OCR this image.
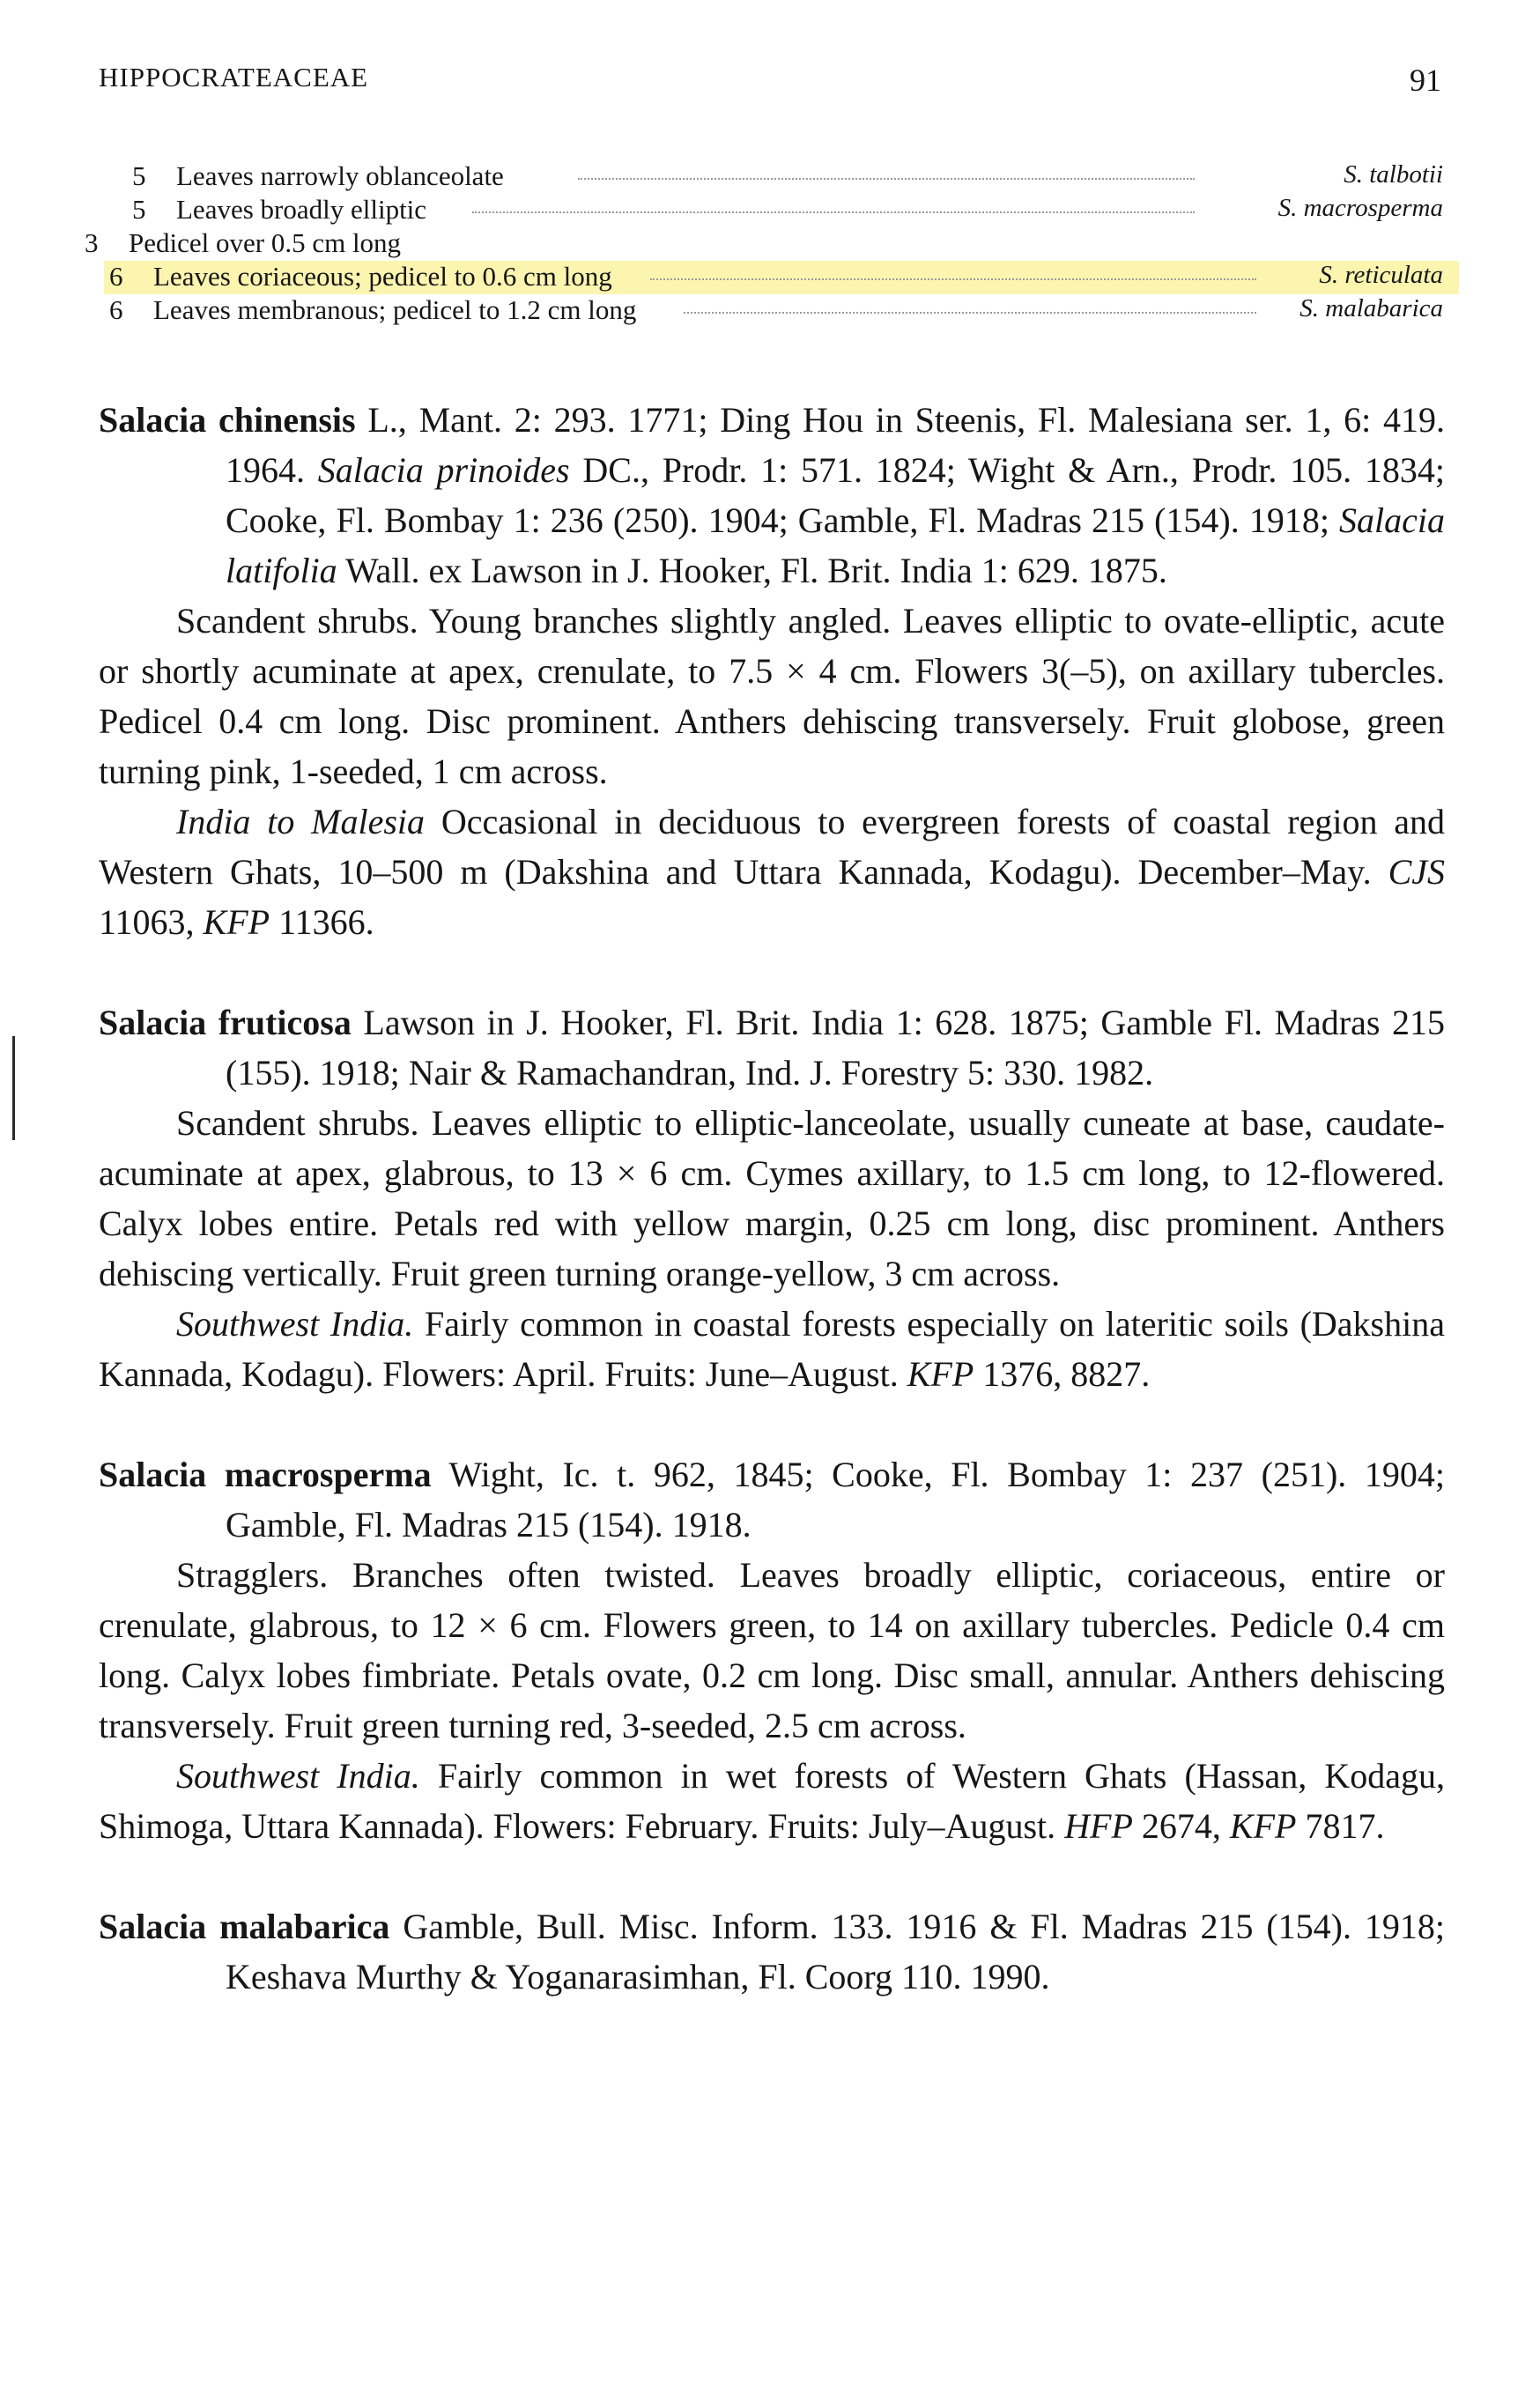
HIPPOCRATEACEAE	91
5 Leaves narrowly oblanceolate	S. talbotii
5 Leaves broadly elliptic	S. macrosperma
3 Pedicel over 0.5 cm long
6 Leaves coriaceous; pedicel to 0.6 cm long	S. reticulata
6 Leaves membranous; pedicel to 1.2 cm long	S. malabarica

Salacia chinensis L., Mant. 2: 293. 1771; Ding Hou in Steenis, Fl. Malesiana ser. 1, 6: 419. 1964. Salacia prinoides DC., Prodr. 1: 571. 1824; Wight & Arn., Prodr. 105. 1834; Cooke, Fl. Bombay 1: 236 (250). 1904; Gamble, Fl. Madras 215 (154). 1918; Salacia latifolia Wall. ex Lawson in J. Hooker, Fl. Brit. India 1: 629. 1875.

Scandent shrubs. Young branches slightly angled. Leaves elliptic to ovate-elliptic, acute or shortly acuminate at apex, crenulate, to 7.5 × 4 cm. Flowers 3(–5), on axillary tubercles. Pedicel 0.4 cm long. Disc prominent. Anthers dehiscing transversely. Fruit globose, green turning pink, 1-seeded, 1 cm across.

India to Malesia Occasional in deciduous to evergreen forests of coastal region and Western Ghats, 10–500 m (Dakshina and Uttara Kannada, Kodagu). December–May. CJS 11063, KFP 11366.

Salacia fruticosa Lawson in J. Hooker, Fl. Brit. India 1: 628. 1875; Gamble Fl. Madras 215 (155). 1918; Nair & Ramachandran, Ind. J. Forestry 5: 330. 1982.

Scandent shrubs. Leaves elliptic to elliptic-lanceolate, usually cuneate at base, caudate-acuminate at apex, glabrous, to 13 × 6 cm. Cymes axillary, to 1.5 cm long, to 12-flowered. Calyx lobes entire. Petals red with yellow margin, 0.25 cm long, disc prominent. Anthers dehiscing vertically. Fruit green turning orange-yellow, 3 cm across.

Southwest India. Fairly common in coastal forests especially on lateritic soils (Dakshina Kannada, Kodagu). Flowers: April. Fruits: June–August. KFP 1376, 8827.

Salacia macrosperma Wight, Ic. t. 962, 1845; Cooke, Fl. Bombay 1: 237 (251). 1904; Gamble, Fl. Madras 215 (154). 1918.

Stragglers. Branches often twisted. Leaves broadly elliptic, coriaceous, entire or crenulate, glabrous, to 12 × 6 cm. Flowers green, to 14 on axillary tubercles. Pedicle 0.4 cm long. Calyx lobes fimbriate. Petals ovate, 0.2 cm long. Disc small, annular. Anthers dehiscing transversely. Fruit green turning red, 3-seeded, 2.5 cm across.

Southwest India. Fairly common in wet forests of Western Ghats (Hassan, Kodagu, Shimoga, Uttara Kannada). Flowers: February. Fruits: July–August. HFP 2674, KFP 7817.

Salacia malabarica Gamble, Bull. Misc. Inform. 133. 1916 & Fl. Madras 215 (154). 1918; Keshava Murthy & Yoganarasimhan, Fl. Coorg 110. 1990.
